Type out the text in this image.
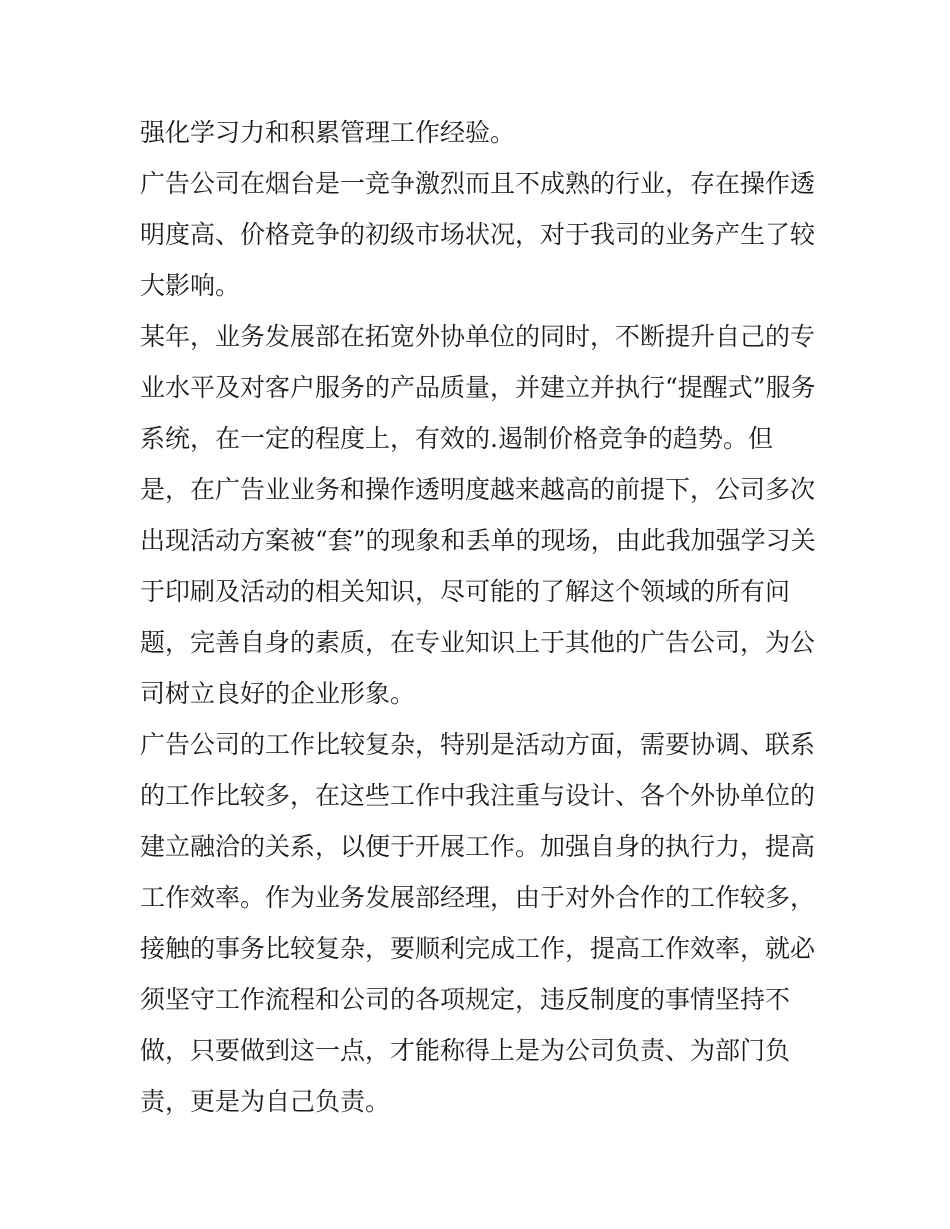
强化学习力和积累管理工作经验。
广告公司在烟台是一竞争激烈而且不成熟的行业，存在操作透
明度高、价格竞争的初级市场状况，对于我司的业务产生了较
大影响。
某年，业务发展部在拓宽外协单位的同时，不断提升自己的专
业水平及对客户服务的产品质量，并建立并执行“提醒式”服务
系统，在一定的程度上，有效的.遏制价格竞争的趋势。但
是，在广告业业务和操作透明度越来越高的前提下，公司多次
出现活动方案被“套”的现象和丢单的现场，由此我加强学习关
于印刷及活动的相关知识，尽可能的了解这个领域的所有问
题，完善自身的素质，在专业知识上于其他的广告公司，为公
司树立良好的企业形象。
广告公司的工作比较复杂，特别是活动方面，需要协调、联系
的工作比较多，在这些工作中我注重与设计、各个外协单位的
建立融洽的关系，以便于开展工作。加强自身的执行力，提高
工作效率。作为业务发展部经理，由于对外合作的工作较多，
接触的事务比较复杂，要顺利完成工作，提高工作效率，就必
须坚守工作流程和公司的各项规定，违反制度的事情坚持不
做，只要做到这一点，才能称得上是为公司负责、为部门负
责，更是为自己负责。
